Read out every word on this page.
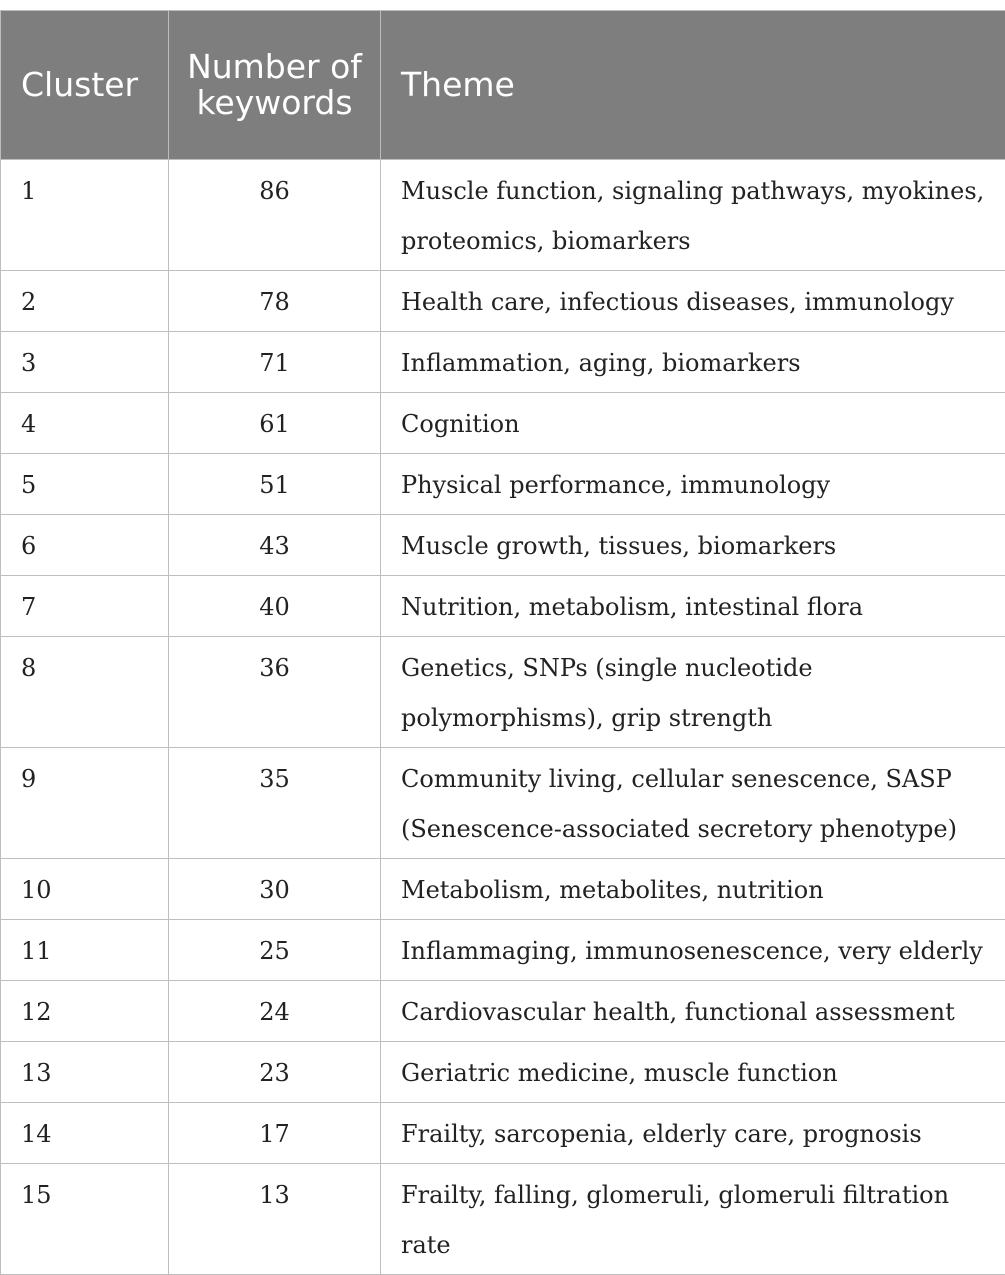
Cluster	Number of keywords	Theme
1	86	Muscle function, signaling pathways, myokines, proteomics, biomarkers
2	78	Health care, infectious diseases, immunology
3	71	Inflammation, aging, biomarkers
4	61	Cognition
5	51	Physical performance, immunology
6	43	Muscle growth, tissues, biomarkers
7	40	Nutrition, metabolism, intestinal flora
8	36	Genetics, SNPs (single nucleotide polymorphisms), grip strength
9	35	Community living, cellular senescence, SASP (Senescence-associated secretory phenotype)
10	30	Metabolism, metabolites, nutrition
11	25	Inflammaging, immunosenescence, very elderly
12	24	Cardiovascular health, functional assessment
13	23	Geriatric medicine, muscle function
14	17	Frailty, sarcopenia, elderly care, prognosis
15	13	Frailty, falling, glomeruli, glomeruli filtration rate
